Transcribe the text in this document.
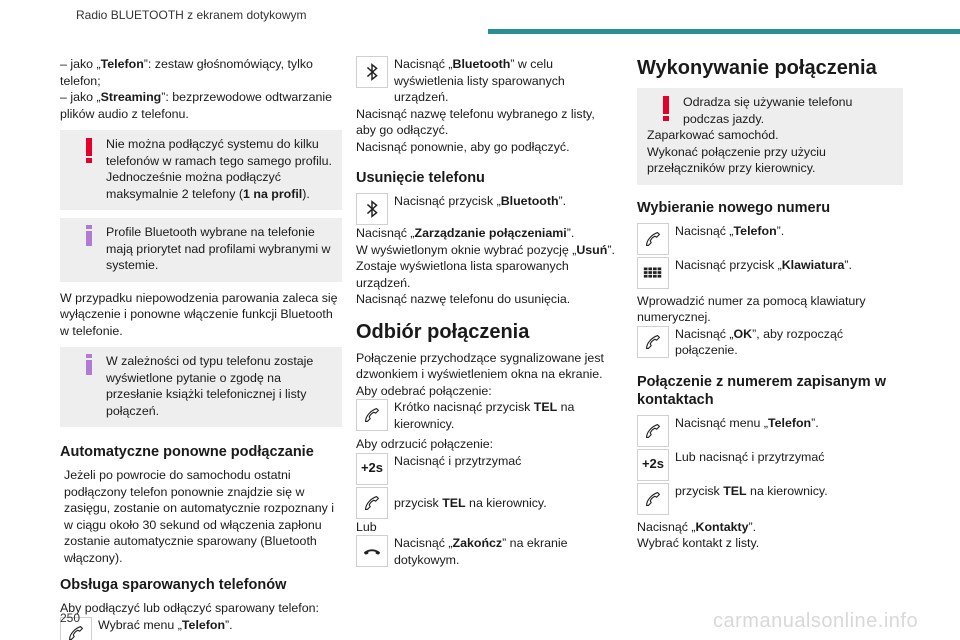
Radio BLUETOOTH z ekranem dotykowym

– jako „Telefon”: zestaw głośnomówiący, tylko telefon;

– jako „Streaming”: bezprzewodowe odtwarzanie plików audio z telefonu.

Nie można podłączyć systemu do kilku telefonów w ramach tego samego profilu. Jednocześnie można podłączyć maksymalnie 2 telefony (1 na profil).

Profile Bluetooth wybrane na telefonie mają priorytet nad profilami wybranymi w systemie.

W przypadku niepowodzenia parowania zaleca się wyłączenie i ponowne włączenie funkcji Bluetooth w telefonie.

W zależności od typu telefonu zostaje wyświetlone pytanie o zgodę na przesłanie książki telefonicznej i listy połączeń.

Automatyczne ponowne podłączanie

Jeżeli po powrocie do samochodu ostatni podłączony telefon ponownie znajdzie się w zasięgu, zostanie on automatycznie rozpoznany i w ciągu około 30 sekund od włączenia zapłonu zostanie automatycznie sparowany (Bluetooth włączony).

Obsługa sparowanych telefonów

Aby podłączyć lub odłączyć sparowany telefon:

Wybrać menu „Telefon”.

Nacisnąć „Bluetooth” w celu wyświetlenia listy sparowanych urządzeń.

Nacisnąć nazwę telefonu wybranego z listy, aby go odłączyć.

Nacisnąć ponownie, aby go podłączyć.

Usunięcie telefonu

Nacisnąć przycisk „Bluetooth”.

Nacisnąć „Zarządzanie połączeniami”.

W wyświetlonym oknie wybrać pozycję „Usuń”.

Zostaje wyświetlona lista sparowanych urządzeń.

Nacisnąć nazwę telefonu do usunięcia.

Odbiór połączenia

Połączenie przychodzące sygnalizowane jest dzwonkiem i wyświetleniem okna na ekranie.

Aby odebrać połączenie:

Krótko nacisnąć przycisk TEL na kierownicy.

Aby odrzucić połączenie:

+2s Nacisnąć i przytrzymać

przycisk TEL na kierownicy.

Lub

Nacisnąć „Zakończ” na ekranie dotykowym.

Wykonywanie połączenia

Odradza się używanie telefonu podczas jazdy.

Zaparkować samochód.

Wykonać połączenie przy użyciu przełączników przy kierownicy.

Wybieranie nowego numeru

Nacisnąć „Telefon”.

Nacisnąć przycisk „Klawiatura”.

Wprowadzić numer za pomocą klawiatury numerycznej.

Nacisnąć „OK”, aby rozpocząć połączenie.

Połączenie z numerem zapisanym w kontaktach

Nacisnąć menu „Telefon”.

+2s Lub nacisnąć i przytrzymać

przycisk TEL na kierownicy.

Nacisnąć „Kontakty”.

Wybrać kontakt z listy.

250	carmanualsonline.info
